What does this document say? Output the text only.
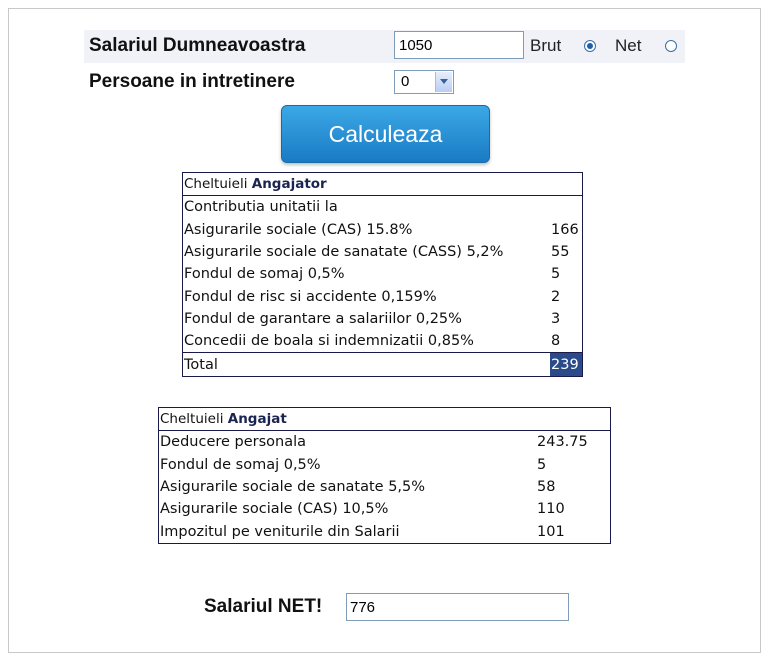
Salariul Dumneavoastra
1050	Brut	Net
Persoane in intretinere	0
Calculeaza
Cheltuieli Angajator	
Contributia unitatii la	
Asigurarile sociale (CAS) 15.8%	166
Asigurarile sociale de sanatate (CASS) 5,2%	55
Fondul de somaj 0,5%	5
Fondul de risc si accidente 0,159%	2
Fondul de garantare a salariilor 0,25%	3
Concedii de boala si indemnizatii 0,85%	8
Total	239
Cheltuieli Angajat	
Deducere personala	243.75
Fondul de somaj 0,5%	5
Asigurarile sociale de sanatate 5,5%	58
Asigurarile sociale (CAS) 10,5%	110
Impozitul pe veniturile din Salarii	101
Salariul NET!
776
